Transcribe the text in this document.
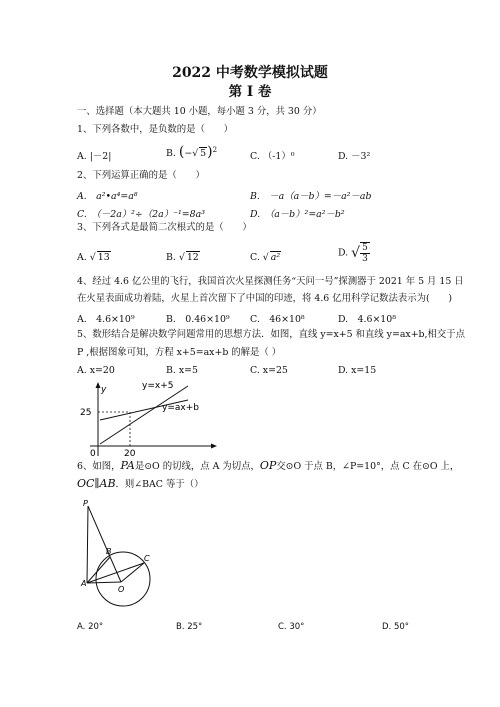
2022 中考数学模拟试题
第 I 卷
一、选择题（本大题共 10 小题，每小题 3 分，共 30 分）
1、下列各数中，是负数的是（　　）
A. |－2|	B. (−√ 5)$^2$
C. （-1）⁰	D. －3²
2、下列运算正确的是（　　）
A.　a²•a⁴=a⁸	B.　－a（a－b）=－a²－ab
C.　（－2a）²÷（2a）⁻¹=8a³	D.　（a－b）²=a²－b²
3、下列各式是最简二次根式的是（　　）
A. √ 13	B. √ 12	C. √ a²	D. √ $\frac{5}{3}$
4、经过 4.6 亿公里的飞行，我国首次火星探测任务“天问一号”探测器于 2021 年 5 月 15 日
在火星表面成功着陆，火星上首次留下了中国的印迹，将 4.6 亿用科学记数法表示为(　　)
A.　4.6×10⁹	B.　0.46×10⁹ C.　46×10⁸	D.　4.6×10⁸
5、数形结合是解决数学问题常用的思想方法．如图，直线 y=x+5 和直线 y=ax+b,相交于点
P ,根据图象可知，方程 x+5=ax+b 的解是（ ）
A. x=20	B. x=5	C. x=25	D. x=15
y
25
0	20
y=x+5
y=ax+b
6、如图，PA是⊙O 的切线，点 A 为切点，OP交⊙O 于点 B，∠P=10°，点 C 在⊙O 上，
OC∥AB．则∠BAC 等于（）
P
B
C
A
O
A. 20°	B. 25°	C. 30°	D. 50°
